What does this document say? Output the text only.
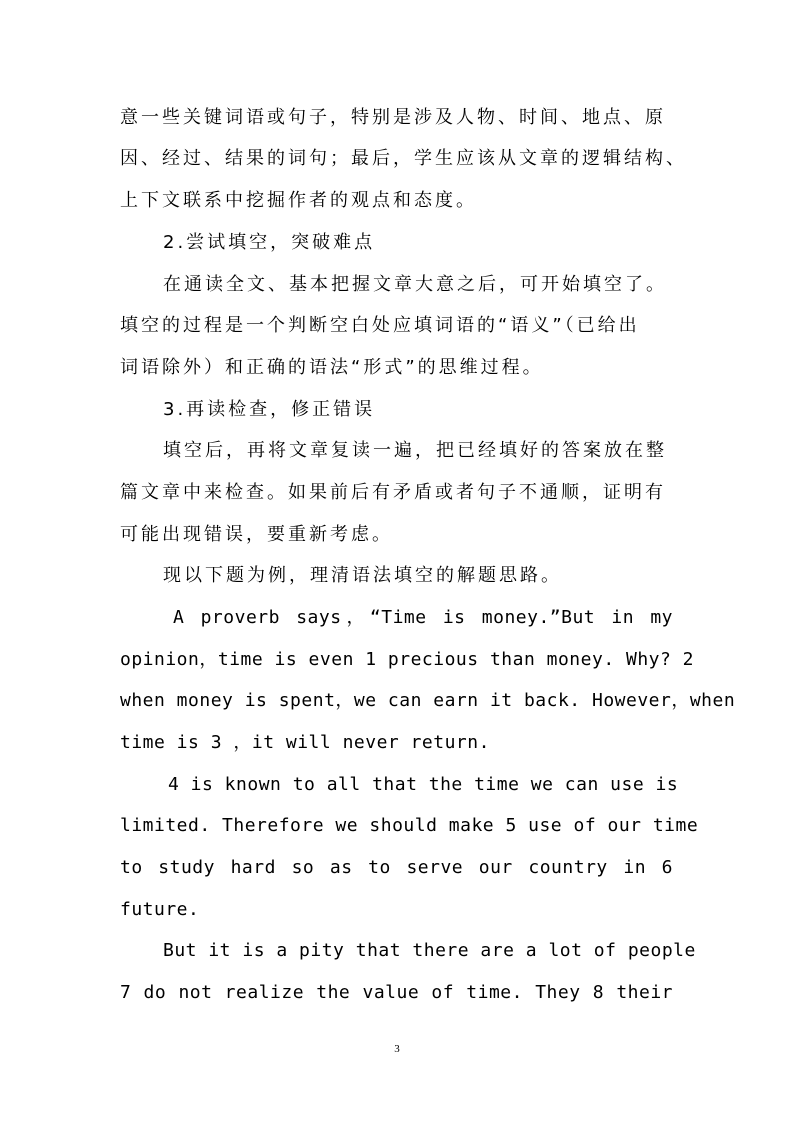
意一些关键词语或句子，特别是涉及人物、时间、地点、原
因、经过、结果的词句；最后，学生应该从文章的逻辑结构、
上下文联系中挖掘作者的观点和态度。
2.尝试填空，突破难点
在通读全文、基本把握文章大意之后，可开始填空了。
填空的过程是一个判断空白处应填词语的“语义”（已给出
词语除外）和正确的语法“形式”的思维过程。
3.再读检查，修正错误
填空后，再将文章复读一遍，把已经填好的答案放在整
篇文章中来检查。如果前后有矛盾或者句子不通顺，证明有
可能出现错误，要重新考虑。
现以下题为例，理清语法填空的解题思路。
A proverb says，“Time is money.”But in my
opinion，time is even 1 precious than money. Why? 2
when money is spent，we can earn it back. However，when
time is 3 ，it will never return.
4 is known to all that the time we can use is
limited. Therefore we should make 5 use of our time
to study hard so as to serve our country in 6
future.
But it is a pity that there are a lot of people
7 do not realize the value of time. They 8 their
3
